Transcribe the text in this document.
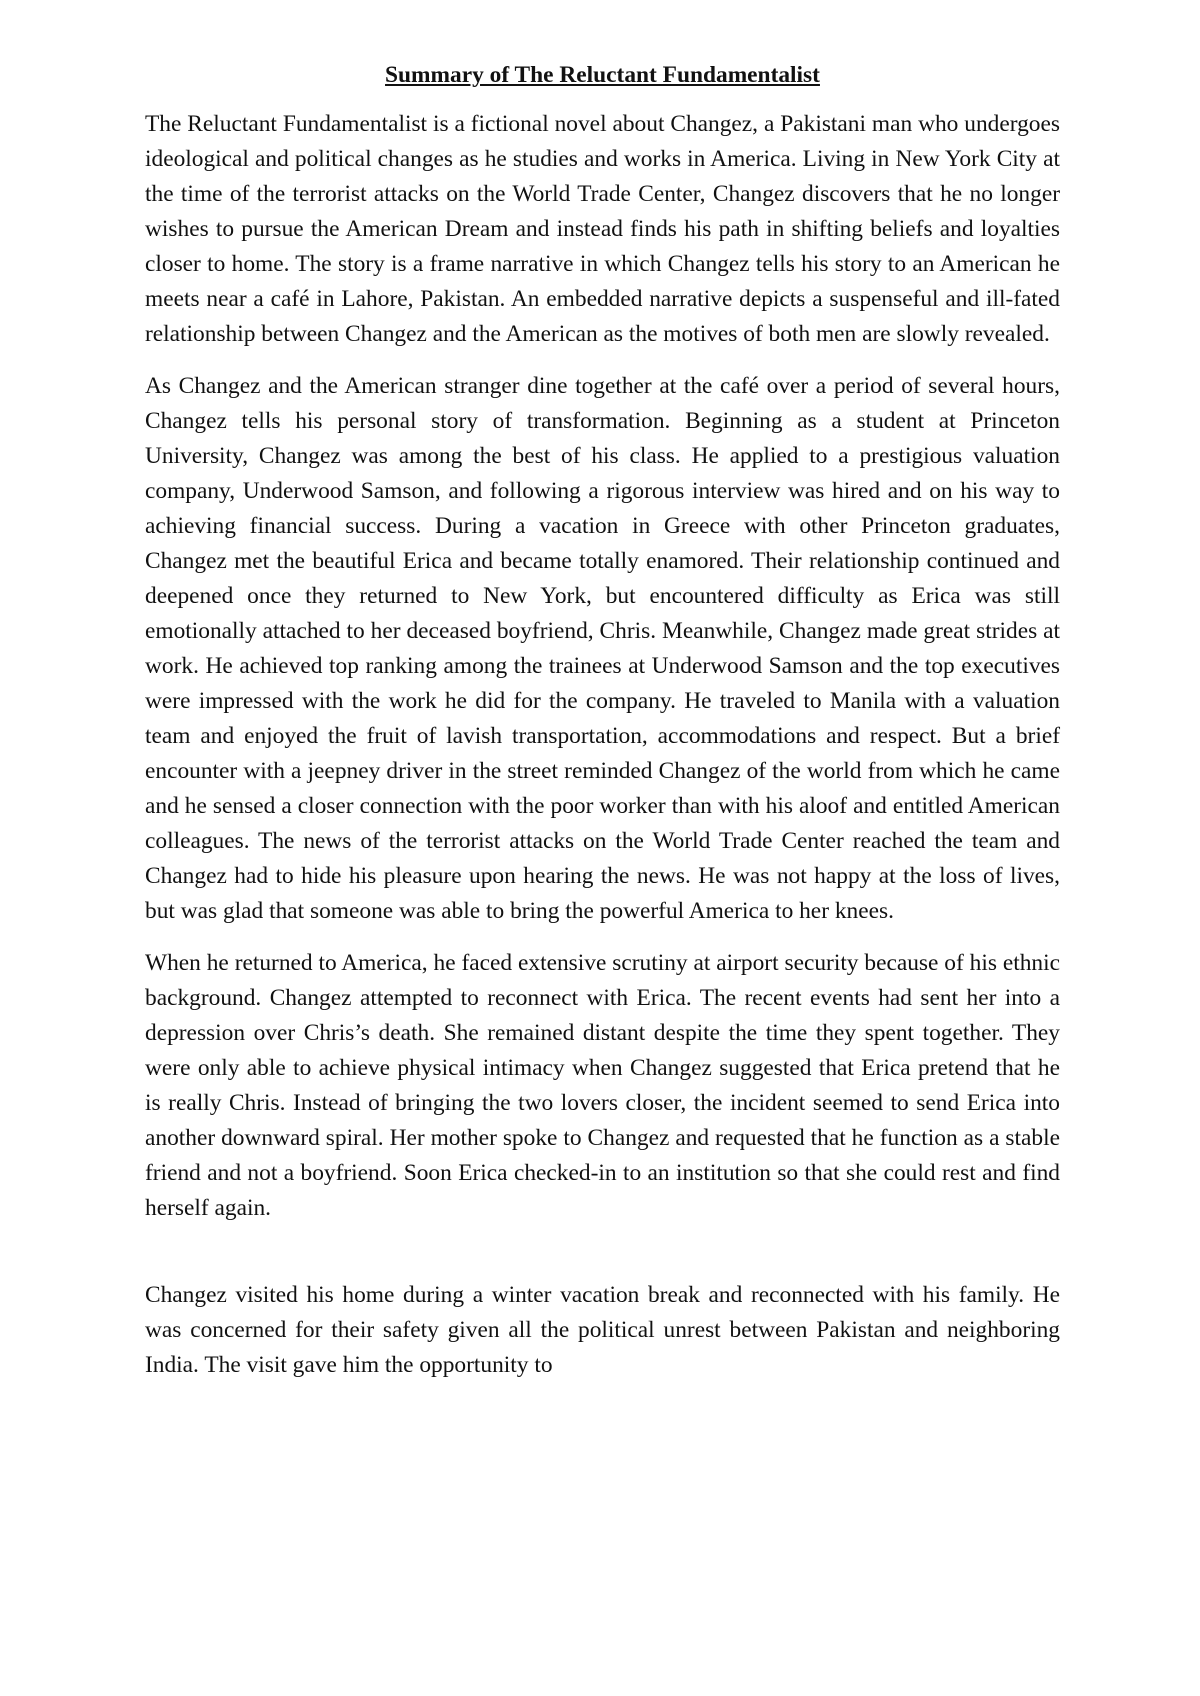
Summary of The Reluctant Fundamentalist

The Reluctant Fundamentalist is a fictional novel about Changez, a Pakistani man who undergoes ideological and political changes as he studies and works in America. Living in New York City at the time of the terrorist attacks on the World Trade Center, Changez discovers that he no longer wishes to pursue the American Dream and instead finds his path in shifting beliefs and loyalties closer to home. The story is a frame narrative in which Changez tells his story to an American he meets near a café in Lahore, Pakistan. An embedded narrative depicts a suspenseful and ill-fated relationship between Changez and the American as the motives of both men are slowly revealed.

As Changez and the American stranger dine together at the café over a period of several hours, Changez tells his personal story of transformation. Beginning as a student at Princeton University, Changez was among the best of his class. He applied to a prestigious valuation company, Underwood Samson, and following a rigorous interview was hired and on his way to achieving financial success. During a vacation in Greece with other Princeton graduates, Changez met the beautiful Erica and became totally enamored. Their relationship continued and deepened once they returned to New York, but encountered difficulty as Erica was still emotionally attached to her deceased boyfriend, Chris. Meanwhile, Changez made great strides at work. He achieved top ranking among the trainees at Underwood Samson and the top executives were impressed with the work he did for the company. He traveled to Manila with a valuation team and enjoyed the fruit of lavish transportation, accommodations and respect. But a brief encounter with a jeepney driver in the street reminded Changez of the world from which he came and he sensed a closer connection with the poor worker than with his aloof and entitled American colleagues. The news of the terrorist attacks on the World Trade Center reached the team and Changez had to hide his pleasure upon hearing the news. He was not happy at the loss of lives, but was glad that someone was able to bring the powerful America to her knees.

When he returned to America, he faced extensive scrutiny at airport security because of his ethnic background. Changez attempted to reconnect with Erica. The recent events had sent her into a depression over Chris’s death. She remained distant despite the time they spent together. They were only able to achieve physical intimacy when Changez suggested that Erica pretend that he is really Chris. Instead of bringing the two lovers closer, the incident seemed to send Erica into another downward spiral. Her mother spoke to Changez and requested that he function as a stable friend and not a boyfriend. Soon Erica checked-in to an institution so that she could rest and find herself again.

Changez visited his home during a winter vacation break and reconnected with his family. He was concerned for their safety given all the political unrest between Pakistan and neighboring India. The visit gave him the opportunity to
